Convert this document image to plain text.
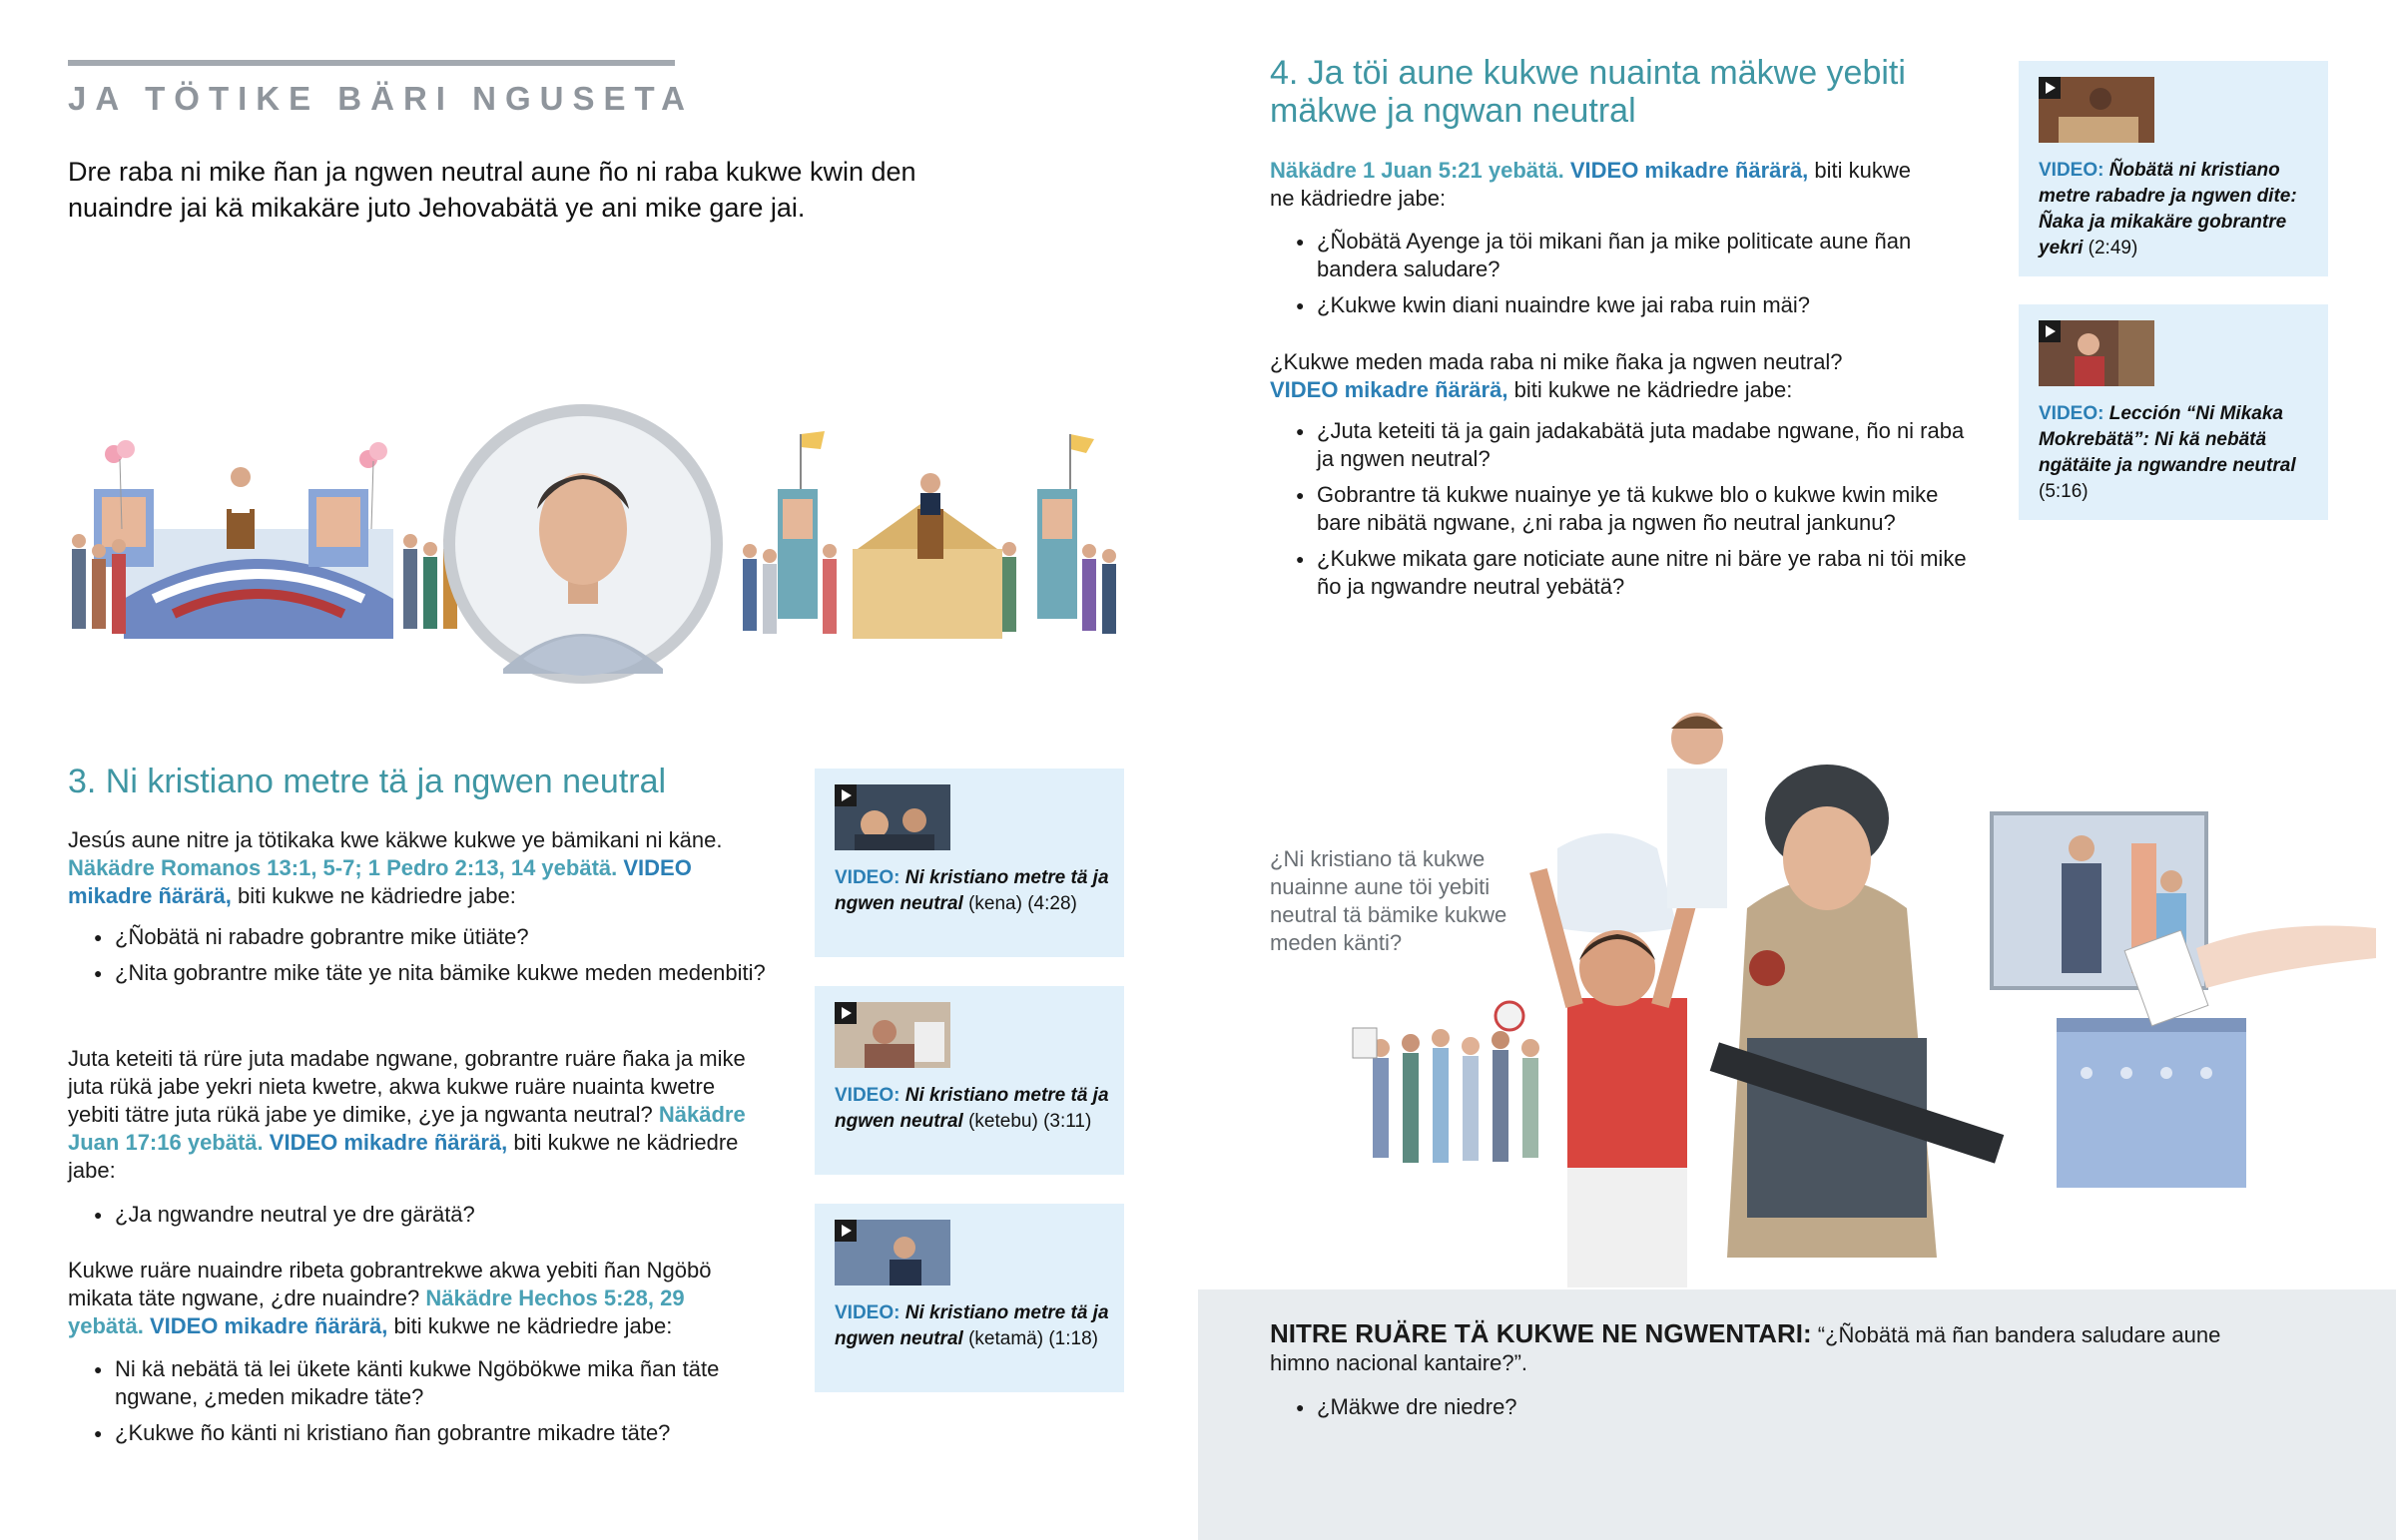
JA TÖTIKE BÄRI NGUSETA
Dre raba ni mike ñan ja ngwen neutral aune ño ni raba kukwe kwin den nuaindre jai kä mikakäre juto Jehovabätä ye ani mike gare jai.
3. Ni kristiano metre tä ja ngwen neutral
Jesús aune nitre ja tötikaka kwe käkwe kukwe ye bämikani ni käne. Näkädre Romanos 13:1, 5-7; 1 Pedro 2:13, 14 yebätä. VIDEO mikadre ñärärä, biti kukwe ne kädriedre jabe:
● ¿Ñobätä ni rabadre gobrantre mike ütiäte?
● ¿Nita gobrantre mike täte ye nita bämike kukwe meden medenbiti?
Juta keteiti tä rüre juta madabe ngwane, gobrantre ruäre ñaka ja mike juta rükä jabe yekri nieta kwetre, akwa kukwe ruäre nuainta kwetre yebiti tätre juta rükä jabe ye dimike, ¿ye ja ngwanta neutral? Näkädre Juan 17:16 yebätä. VIDEO mikadre ñärärä, biti kukwe ne kädriedre jabe:
● ¿Ja ngwandre neutral ye dre gärätä?
Kukwe ruäre nuaindre ribeta gobrantrekwe akwa yebiti ñan Ngöbö mikata täte ngwane, ¿dre nuaindre? Näkädre Hechos 5:28, 29 yebätä. VIDEO mikadre ñärärä, biti kukwe ne kädriedre jabe:
● Ni kä nebätä tä lei ükete känti kukwe Ngöbökwe mika ñan täte ngwane, ¿meden mikadre täte?
● ¿Kukwe ño känti ni kristiano ñan gobrantre mikadre täte?
VIDEO: Ni kristiano metre tä ja ngwen neutral (kena) (4:28)
VIDEO: Ni kristiano metre tä ja ngwen neutral (ketebu) (3:11)
VIDEO: Ni kristiano metre tä ja ngwen neutral (ketamä) (1:18)
4. Ja töi aune kukwe nuainta mäkwe yebiti mäkwe ja ngwan neutral
Näkädre 1 Juan 5:21 yebätä. VIDEO mikadre ñärärä, biti kukwe ne kädriedre jabe:
● ¿Ñobätä Ayenge ja töi mikani ñan ja mike politicate aune ñan bandera saludare?
● ¿Kukwe kwin diani nuaindre kwe jai raba ruin mäi?
¿Kukwe meden mada raba ni mike ñaka ja ngwen neutral?
VIDEO mikadre ñärärä, biti kukwe ne kädriedre jabe:
● ¿Juta keteiti tä ja gain jadakabätä juta madabe ngwane, ño ni raba ja ngwen neutral?
● Gobrantre tä kukwe nuainye ye tä kukwe blo o kukwe kwin mike bare nibätä ngwane, ¿ni raba ja ngwen ño neutral jankunu?
● ¿Kukwe mikata gare noticiate aune nitre ni bäre ye raba ni töi mike ño ja ngwandre neutral yebätä?
VIDEO: Ñobätä ni kristiano metre rabadre ja ngwen dite: Ñaka ja mikakäre gobrantre yekri (2:49)
VIDEO: Lección “Ni Mikaka Mokrebätä”: Ni kä nebätä ngätäite ja ngwandre neutral (5:16)
¿Ni kristiano tä kukwe nuainne aune töi yebiti neutral tä bämike kukwe meden känti?
NITRE RUÄRE TÄ KUKWE NE NGWENTARI: “¿Ñobätä mä ñan bandera saludare aune himno nacional kantaire?”.
● ¿Mäkwe dre niedre?
